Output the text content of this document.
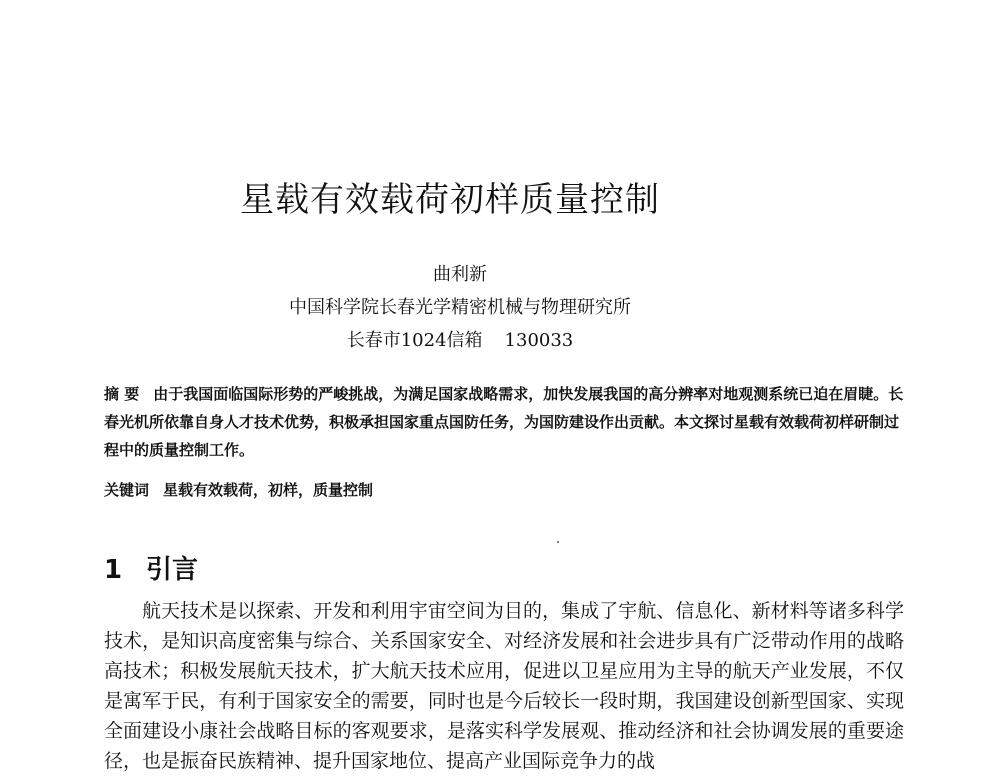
星载有效载荷初样质量控制
曲利新
中国科学院长春光学精密机械与物理研究所
长春市1024信箱 130033
摘 要 由于我国面临国际形势的严峻挑战，为满足国家战略需求，加快发展我国的高分辨率对地观测系统已迫在眉睫。长春光机所依靠自身人才技术优势，积极承担国家重点国防任务，为国防建设作出贡献。本文探讨星载有效载荷初样研制过程中的质量控制工作。
关键词 星载有效载荷，初样，质量控制
1 引言

航天技术是以探索、开发和利用宇宙空间为目的，集成了宇航、信息化、新材料等诸多科学技术，是知识高度密集与综合、关系国家安全、对经济发展和社会进步具有广泛带动作用的战略高技术；积极发展航天技术，扩大航天技术应用，促进以卫星应用为主导的航天产业发展，不仅是寓军于民，有利于国家安全的需要，同时也是今后较长一段时期，我国建设创新型国家、实现全面建设小康社会战略目标的客观要求，是落实科学发展观、推动经济和社会协调发展的重要途径，也是振奋民族精神、提升国家地位、提高产业国际竞争力的战
